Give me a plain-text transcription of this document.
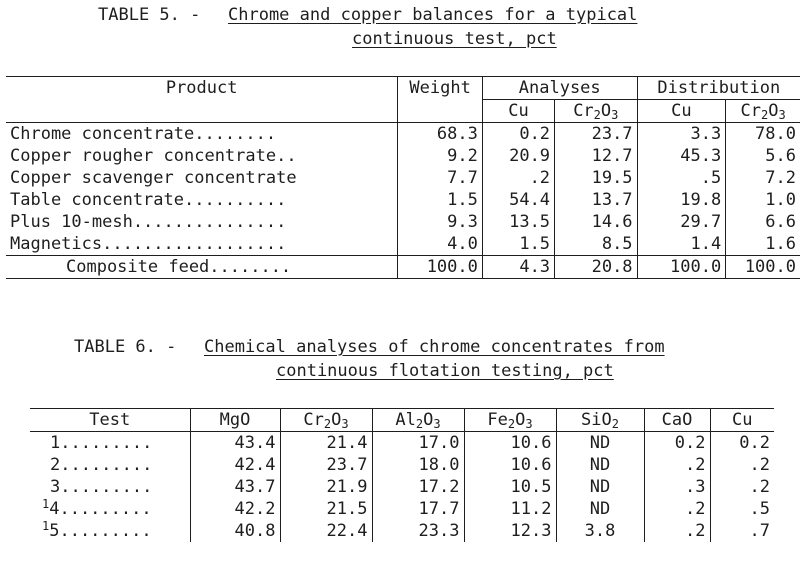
TABLE 5. - Chrome and copper balances for a typical
continuous test, pct
Product	Weight	Analyses		Distribution	
		Cu	$Cr_2O_3$	Cu	$Cr_2O_3$
Chrome concentrate........	68.3	0.2	23.7	3.3	78.0
Copper rougher concentrate..	9.2	20.9	12.7	45.3	5.6
Copper scavenger concentrate	7.7	.2	19.5	.5	7.2
Table concentrate..........	1.5	54.4	13.7	19.8	1.0
Plus 10-mesh...............	9.3	13.5	14.6	29.7	6.6
Magnetics..................	4.0	1.5	8.5	1.4	1.6
Composite feed........	100.0	4.3	20.8	100.0	100.0
TABLE 6. - Chemical analyses of chrome concentrates from
continuous flotation testing, pct
Test	MgO	$Cr_2O_3$	$Al_2O_3$	$Fe_2O_3$	SiO$_2$	CaO	Cu
1.........	43.4	21.4	17.0	10.6	ND	0.2	0.2
2.........	42.4	23.7	18.0	10.6	ND	.2	.2
3.........	43.7	21.9	17.2	10.5	ND	.3	.2
$^1$4.........	42.2	21.5	17.7	11.2	ND	.2	.5
$^1$5.........	40.8	22.4	23.3	12.3	3.8	.2	.7
